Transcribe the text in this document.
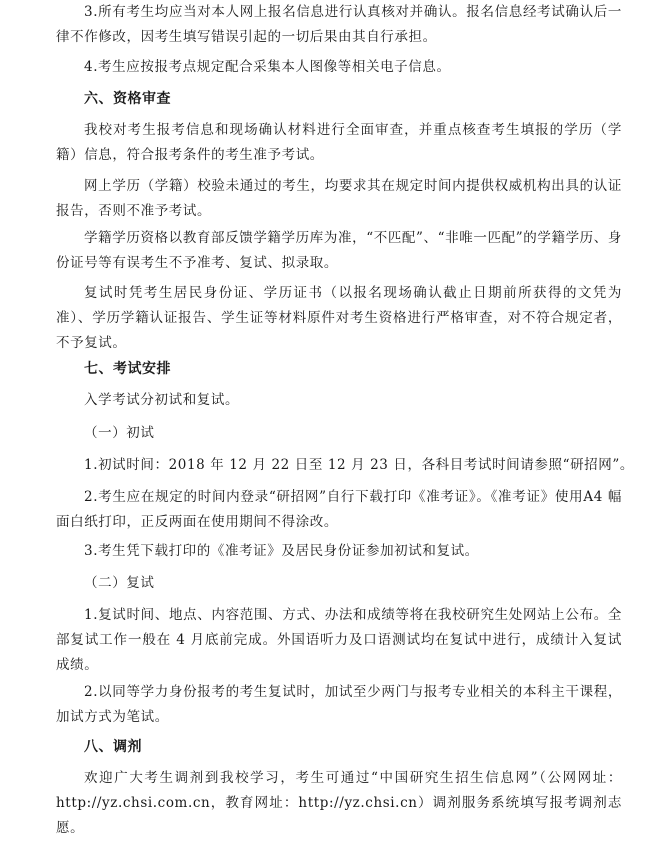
3.所有考生均应当对本人网上报名信息进行认真核对并确认。报名信息经考试确认后一律不作修改，因考生填写错误引起的一切后果由其自行承担。

4.考生应按报考点规定配合采集本人图像等相关电子信息。

六、资格审查

我校对考生报考信息和现场确认材料进行全面审查，并重点核查考生填报的学历（学籍）信息，符合报考条件的考生准予考试。

网上学历（学籍）校验未通过的考生，均要求其在规定时间内提供权威机构出具的认证报告，否则不准予考试。

学籍学历资格以教育部反馈学籍学历库为准，“不匹配”、“非唯一匹配”的学籍学历、身份证号等有误考生不予准考、复试、拟录取。

复试时凭考生居民身份证、学历证书（以报名现场确认截止日期前所获得的文凭为准）、学历学籍认证报告、学生证等材料原件对考生资格进行严格审查，对不符合规定者，不予复试。

七、考试安排

入学考试分初试和复试。

（一）初试

1.初试时间：2018 年 12 月 22 日至 12 月 23 日，各科目考试时间请参照“研招网”。

2.考生应在规定的时间内登录“研招网”自行下载打印《准考证》。《准考证》使用A4 幅面白纸打印，正反两面在使用期间不得涂改。

3.考生凭下载打印的《准考证》及居民身份证参加初试和复试。

（二）复试

1.复试时间、地点、内容范围、方式、办法和成绩等将在我校研究生处网站上公布。全部复试工作一般在 4 月底前完成。外国语听力及口语测试均在复试中进行，成绩计入复试成绩。

2.以同等学力身份报考的考生复试时，加试至少两门与报考专业相关的本科主干课程，加试方式为笔试。

八、调剂

欢迎广大考生调剂到我校学习，考生可通过“中国研究生招生信息网”（公网网址：http://yz.chsi.com.cn，教育网址：http://yz.chsi.cn）调剂服务系统填写报考调剂志愿。
